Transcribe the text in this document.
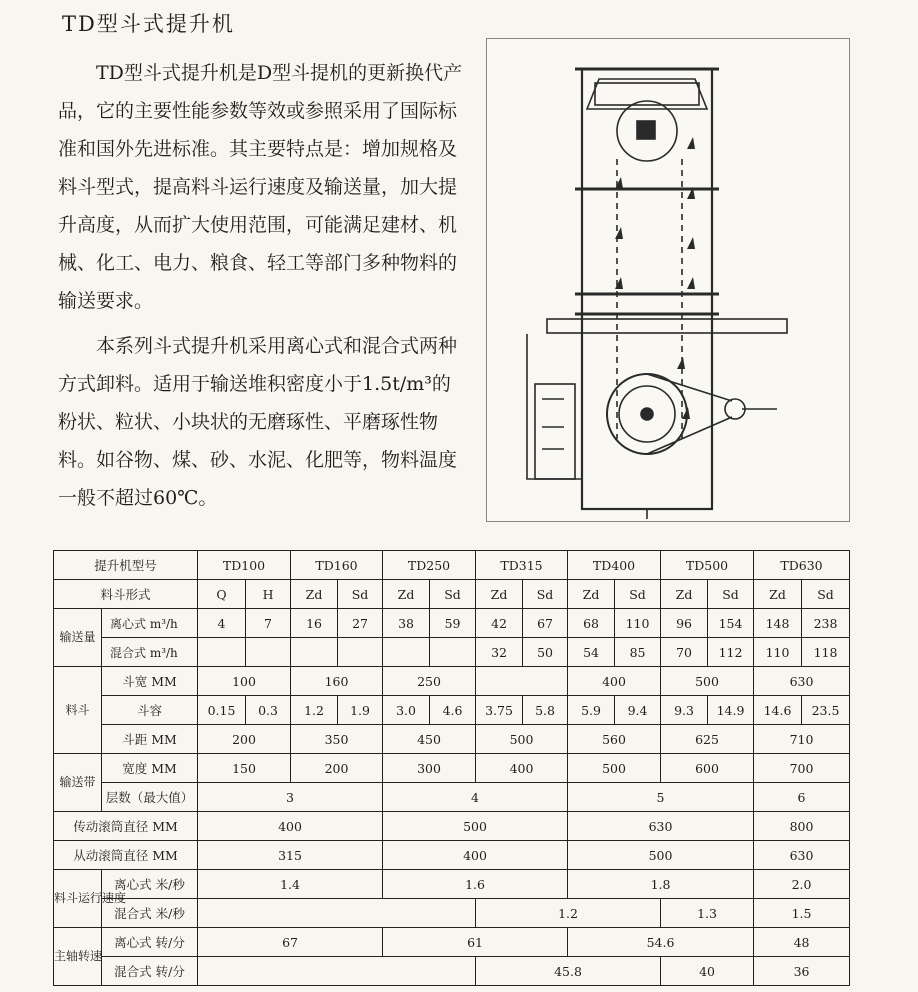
TD型斗式提升机

TD型斗式提升机是D型斗提机的更新换代产品，它的主要性能参数等效或参照采用了国际标准和国外先进标准。其主要特点是：增加规格及料斗型式，提高料斗运行速度及输送量，加大提升高度，从而扩大使用范围，可能满足建材、机械、化工、电力、粮食、轻工等部门多种物料的输送要求。

本系列斗式提升机采用离心式和混合式两种方式卸料。适用于输送堆积密度小于1.5t/m³的粉状、粒状、小块状的无磨琢性、平磨琢性物料。如谷物、煤、砂、水泥、化肥等，物料温度一般不超过60℃。

提升机型号		TD100		TD160		TD250		TD315		TD400		TD500		TD630	
料斗形式		Q	H	Zd	Sd	Zd	Sd	Zd	Sd	Zd	Sd	Zd	Sd	Zd	Sd
输送量	离心式 m³/h	4	7	16	27	38	59	42	67	68	110	96	154	148	238
	混合式 m³/h							32	50	54	85	70	112	110	118
料斗	斗宽 MM	100		160		250				400		500		630	
	斗容	0.15	0.3	1.2	1.9	3.0	4.6	3.75	5.8	5.9	9.4	9.3	14.9	14.6	23.5
	斗距 MM	200		350		450		500		560		625		710	
输送带	宽度 MM	150		200		300		400		500		600		700	
	层数（最大值）	3				4				5				6	
传动滚筒直径 MM		400				500				630				800	
从动滚筒直径 MM		315				400				500				630	
料斗运行速度	离心式 米/秒	1.4				1.6				1.8				2.0	
	混合式 米/秒							1.2				1.3		1.5	
主轴转速	离心式 转/分	67				61				54.6				48	
	混合式 转/分							45.8				40		36	
